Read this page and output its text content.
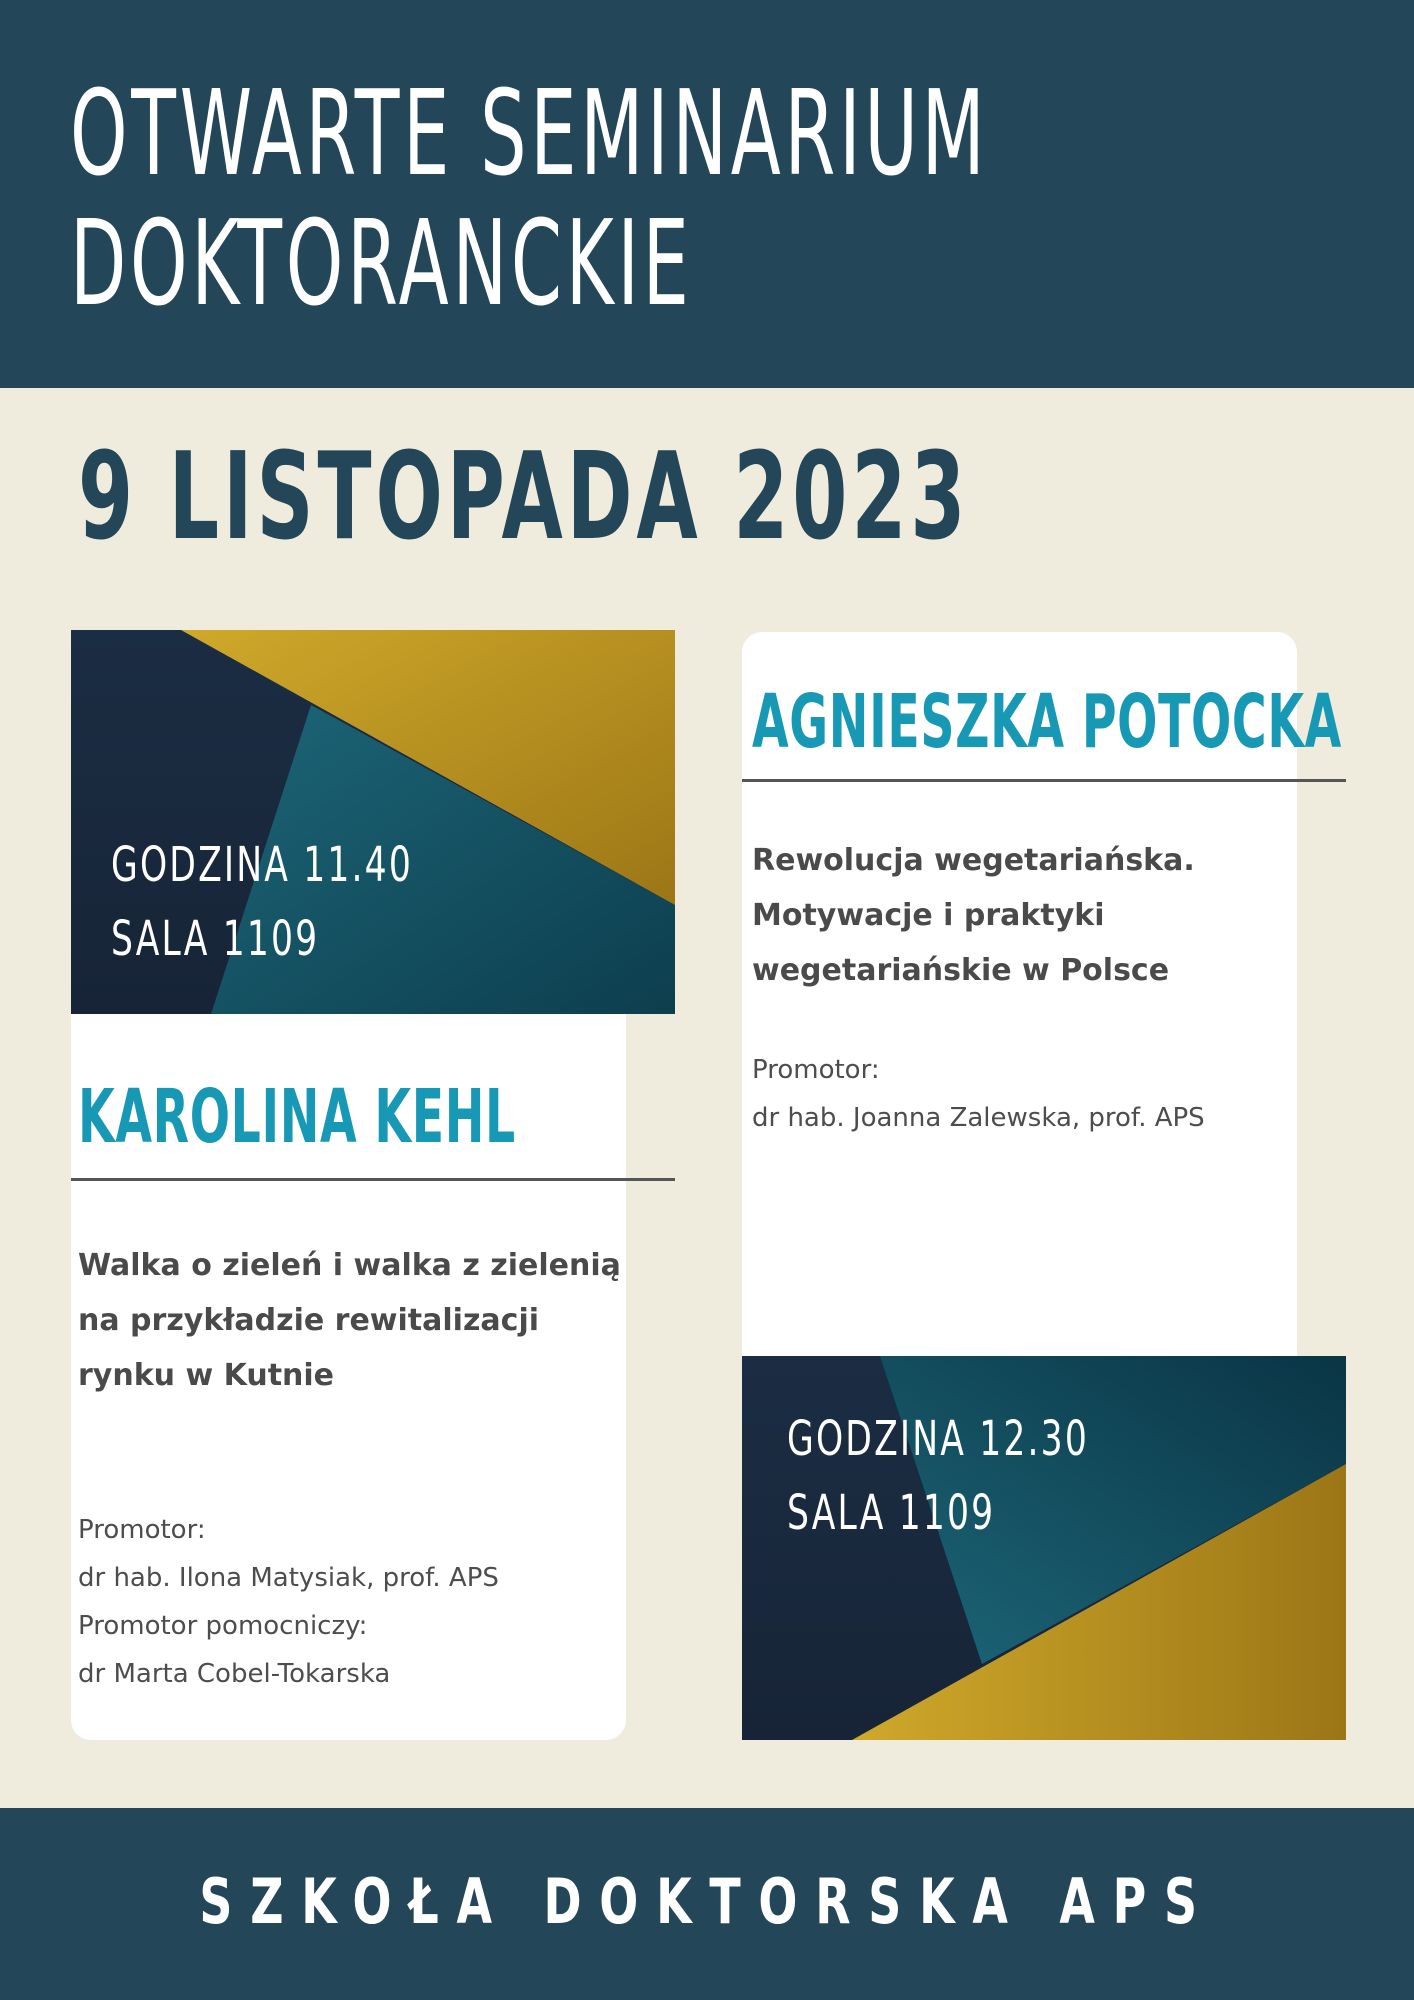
OTWARTE SEMINARIUM
DOKTORANCKIE
9 LISTOPADA 2023

GODZINA 11.40

SALA 1109

KAROLINA KEHL
Walka o zieleń i walka z zielenią
na przykładzie rewitalizacji
rynku w Kutnie
Promotor:
dr hab. Ilona Matysiak, prof. APS
Promotor pomocniczy:
dr Marta Cobel-Tokarska
AGNIESZKA POTOCKA
Rewolucja wegetariańska.
Motywacje i praktyki
wegetariańskie w Polsce
Promotor:
dr hab. Joanna Zalewska, prof. APS

GODZINA 12.30

SALA 1109

SZKOŁA DOKTORSKA APS
